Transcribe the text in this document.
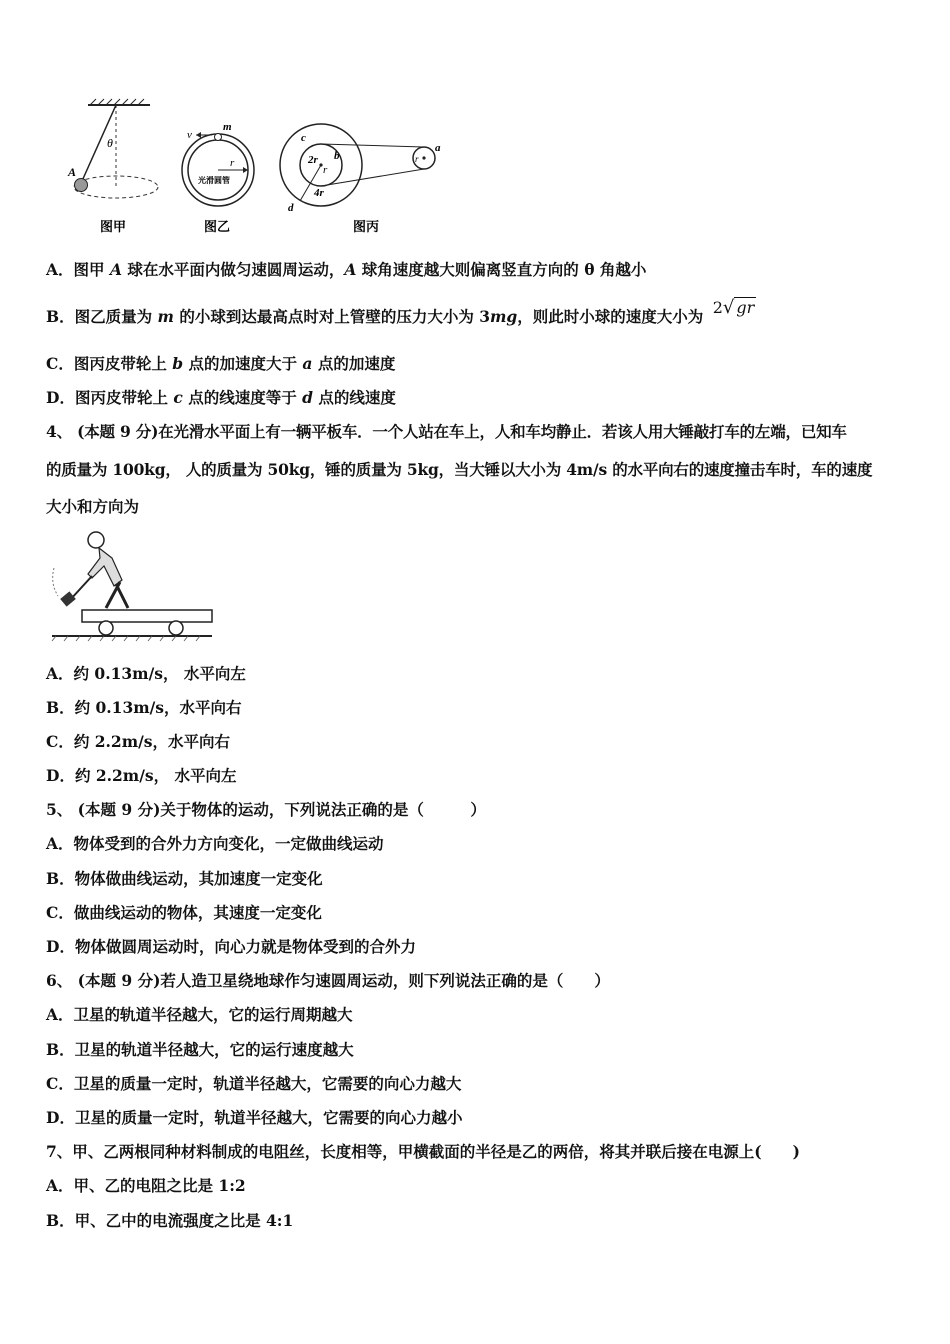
θ
A
图甲
v
m
r
光滑圆管
图乙
c
b
2r
r
4r
d
a
r
图丙
A．图甲 A 球在水平面内做匀速圆周运动，A 球角速度越大则偏离竖直方向的 θ 角越小
B．图乙质量为 m 的小球到达最高点时对上管壁的压力大小为 3mg，则此时小球的速度大小为 2√ gr
C．图丙皮带轮上 b 点的加速度大于 a 点的加速度
D．图丙皮带轮上 c 点的线速度等于 d 点的线速度
4、 (本题 9 分)在光滑水平面上有一辆平板车．一个人站在车上，人和车均静止．若该人用大锤敲打车的左端，已知车
的质量为 100kg， 人的质量为 50kg，锤的质量为 5kg，当大锤以大小为 4m/s 的水平向右的速度撞击车时，车的速度
大小和方向为
A．约 0.13m/s， 水平向左
B．约 0.13m/s，水平向右
C．约 2.2m/s，水平向右
D．约 2.2m/s， 水平向左
5、 (本题 9 分)关于物体的运动，下列说法正确的是（　　　）
A．物体受到的合外力方向变化，一定做曲线运动
B．物体做曲线运动，其加速度一定变化
C．做曲线运动的物体，其速度一定变化
D．物体做圆周运动时，向心力就是物体受到的合外力
6、 (本题 9 分)若人造卫星绕地球作匀速圆周运动，则下列说法正确的是（　　）
A．卫星的轨道半径越大，它的运行周期越大
B．卫星的轨道半径越大，它的运行速度越大
C．卫星的质量一定时，轨道半径越大，它需要的向心力越大
D．卫星的质量一定时，轨道半径越大，它需要的向心力越小
7、甲、乙两根同种材料制成的电阻丝，长度相等，甲横截面的半径是乙的两倍，将其并联后接在电源上(　　)
A．甲、乙的电阻之比是 1:2
B．甲、乙中的电流强度之比是 4:1
